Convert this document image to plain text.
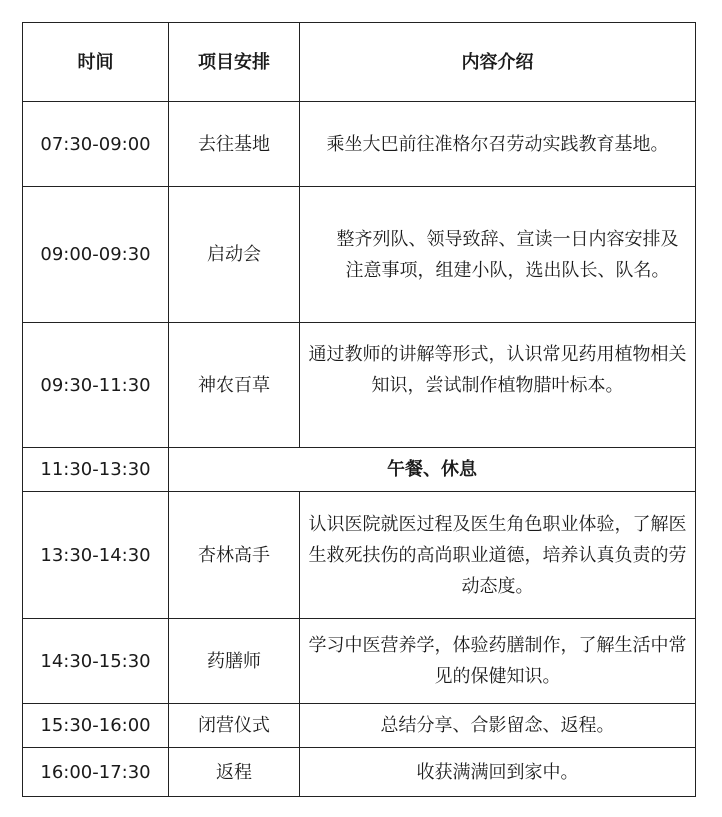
时间	项目安排	内容介绍
07:30-09:00	去往基地	乘坐大巴前往准格尔召劳动实践教育基地。

09:00-09:30	启动会	整齐列队、领导致辞、宣读一日内容安排及注意事项，组建小队，选出队长、队名。

09:30-11:30	神农百草	通过教师的讲解等形式，认识常见药用植物相关知识，尝试制作植物腊叶标本。

11:30-13:30	午餐、休息	
13:30-14:30	杏林高手	认识医院就医过程及医生角色职业体验，了解医生救死扶伤的高尚职业道德，培养认真负责的劳动态度。

14:30-15:30	药膳师	学习中医营养学，体验药膳制作，了解生活中常见的保健知识。

15:30-16:00	闭营仪式	总结分享、合影留念、返程。

16:00-17:30	返程	收获满满回到家中。
